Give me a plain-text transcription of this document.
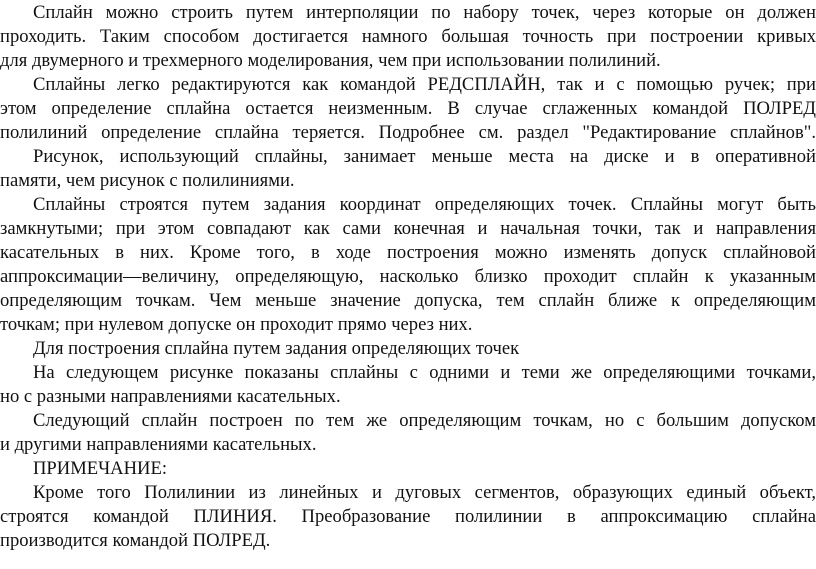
Сплайн можно строить путем интерполяции по набору точек, через которые он должен
проходить. Таким способом достигается намного большая точность при построении кривых
для двумерного и трехмерного моделирования, чем при использовании полилиний.
Сплайны легко редактируются как командой РЕДСПЛАЙН, так и с помощью ручек; при
этом определение сплайна остается неизменным. В случае сглаженных командой ПОЛРЕД
полилиний определение сплайна теряется. Подробнее см. раздел "Редактирование сплайнов".
Рисунок, использующий сплайны, занимает меньше места на диске и в оперативной
памяти, чем рисунок с полилиниями.
Сплайны строятся путем задания координат определяющих точек. Сплайны могут быть
замкнутыми; при этом совпадают как сами конечная и начальная точки, так и направления
касательных в них. Кроме того, в ходе построения можно изменять допуск сплайновой
аппроксимации—величину, определяющую, насколько близко проходит сплайн к указанным
определяющим точкам. Чем меньше значение допуска, тем сплайн ближе к определяющим
точкам; при нулевом допуске он проходит прямо через них.
Для построения сплайна путем задания определяющих точек
На следующем рисунке показаны сплайны с одними и теми же определяющими точками,
но с разными направлениями касательных.
Следующий сплайн построен по тем же определяющим точкам, но с большим допуском
и другими направлениями касательных.
ПРИМЕЧАНИЕ:
Кроме того Полилинии из линейных и дуговых сегментов, образующих единый объект,
строятся командой ПЛИНИЯ. Преобразование полилинии в аппроксимацию сплайна
производится командой ПОЛРЕД.
